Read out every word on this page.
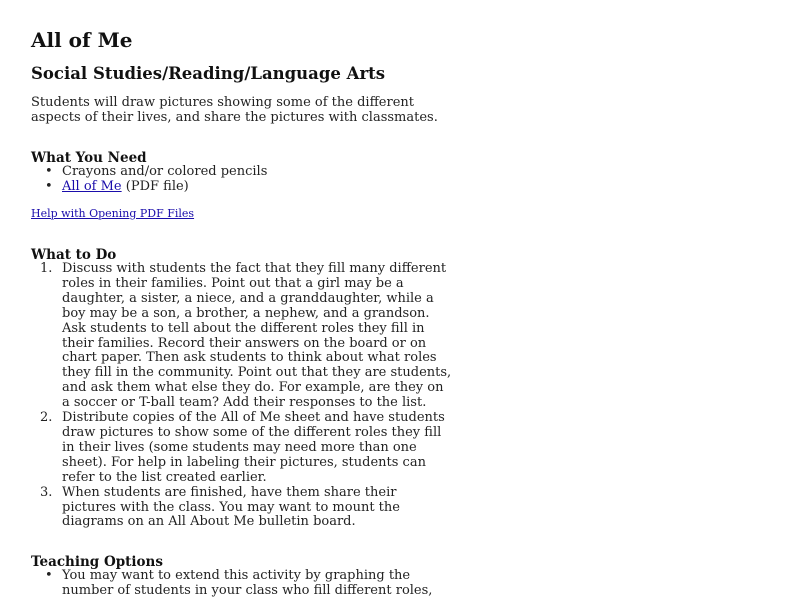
All of Me
Social Studies/Reading/Language Arts
Students will draw pictures showing some of the different
aspects of their lives, and share the pictures with classmates.
What You Need
• Crayons and/or colored pencils
• All of Me (PDF file)
Help with Opening PDF Files
What to Do
1. Discuss with students the fact that they fill many different
roles in their families. Point out that a girl may be a
daughter, a sister, a niece, and a granddaughter, while a
boy may be a son, a brother, a nephew, and a grandson.
Ask students to tell about the different roles they fill in
their families. Record their answers on the board or on
chart paper. Then ask students to think about what roles
they fill in the community. Point out that they are students,
and ask them what else they do. For example, are they on
a soccer or T-ball team? Add their responses to the list.
2. Distribute copies of the All of Me sheet and have students
draw pictures to show some of the different roles they fill
in their lives (some students may need more than one
sheet). For help in labeling their pictures, students can
refer to the list created earlier.
3. When students are finished, have them share their
pictures with the class. You may want to mount the
diagrams on an All About Me bulletin board.
Teaching Options
• You may want to extend this activity by graphing the
number of students in your class who fill different roles,
